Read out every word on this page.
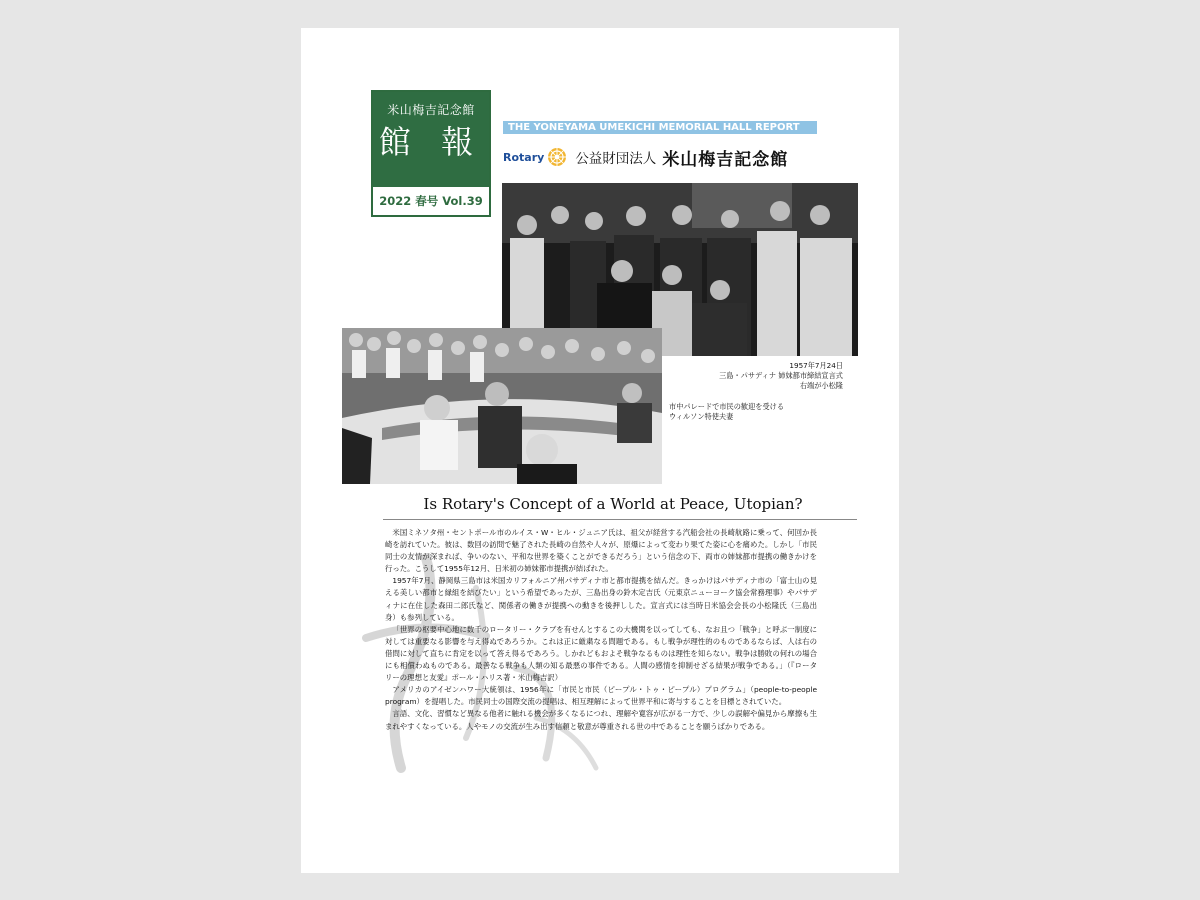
米山梅吉記念館
館 報
2022 春号 Vol.39
THE YONEYAMA UMEKICHI MEMORIAL HALL REPORT
Rotary 公益財団法人 米山梅吉記念館
1957年7月24日
三島・パサディナ 姉妹都市締結宣言式
右端が小松隆
市中パレードで市民の歓迎を受ける
ウィルソン特使夫妻
Is Rotary's Concept of a World at Peace, Utopian?

米国ミネソタ州・セントポール市のルイス・W・ヒル・ジュニア氏は、祖父が経営する汽船会社の長崎航路に乗って、何回か長崎を訪れていた。彼は、数回の訪問で魅了された長崎の自然や人々が、原爆によって変わり果てた姿に心を痛めた。しかし「市民同士の友情が深まれば、争いのない、平和な世界を築くことができるだろう」という信念の下、両市の姉妹都市提携の働きかけを行った。こうして1955年12月、日米初の姉妹都市提携が結ばれた。

1957年7月、静岡県三島市は米国カリフォルニア州パサディナ市と都市提携を結んだ。きっかけはパサディナ市の「富士山の見える美しい都市と縁組を結びたい」という希望であったが、三島出身の鈴木定吉氏（元東京ニューヨーク協会常務理事）やパサディナに在住した森田二郎氏など、関係者の働きが提携への動きを後押しした。宣言式には当時日米協会会長の小松隆氏（三島出身）も参列している。

「世界の枢要中心地に数千のロータリー・クラブを有せんとするこの大機関を以ってしても、なお且つ「戦争」と呼ぶ一制度に対しては重要なる影響を与え得ぬであろうか。これは正に厳粛なる問題である。もし戦争が理性的のものであるならば、人は右の借問に対して直ちに肯定を以って答え得るであろう。しかれどもおよそ戦争なるものは理性を知らない。戦争は勝敗の何れの場合にも相償わぬものである。最善なる戦争も人類の知る最悪の事件である。人間の感情を抑制せざる結果が戦争である。」（『ロータリーの理想と友愛』ポール・ハリス著・米山梅吉訳）

アメリカのアイゼンハワー大統領は、1956年に「市民と市民（ピープル・トゥ・ピープル）プログラム」（people-to-people program）を提唱した。市民同士の国際交流の提唱は、相互理解によって世界平和に寄与することを目標とされていた。

言語、文化、習慣など異なる他者に触れる機会が多くなるにつれ、理解や寛容が広がる一方で、少しの誤解や偏見から摩擦も生まれやすくなっている。人やモノの交流が生み出す信頼と敬意が尊重される世の中であることを願うばかりである。
